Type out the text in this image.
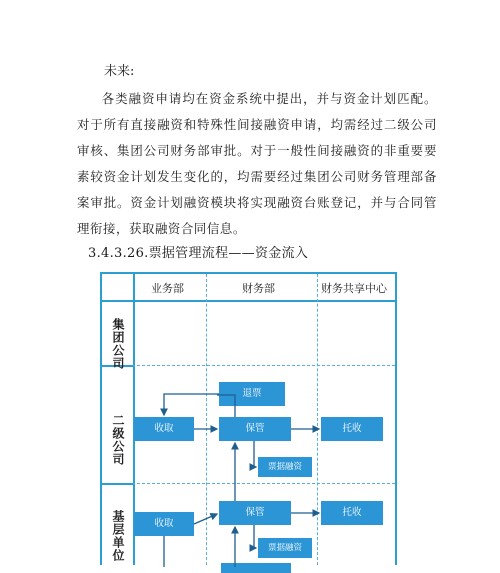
未来:
各类融资申请均在资金系统中提出，并与资金计划匹配。对于所有直接融资和特殊性间接融资申请，均需经过二级公司审核、集团公司财务部审批。对于一般性间接融资的非重要要素较资金计划发生变化的，均需要经过集团公司财务管理部备案审批。资金计划融资模块将实现融资台账登记，并与合同管理衔接，获取融资合同信息。
3.4.3.26.票据管理流程——资金流入
业务部	财务部	财务共享中心
集团公司
二级公司
基层单位
退票
收取	保管	托收
票据融资
收取
保管	托收
票据融资
